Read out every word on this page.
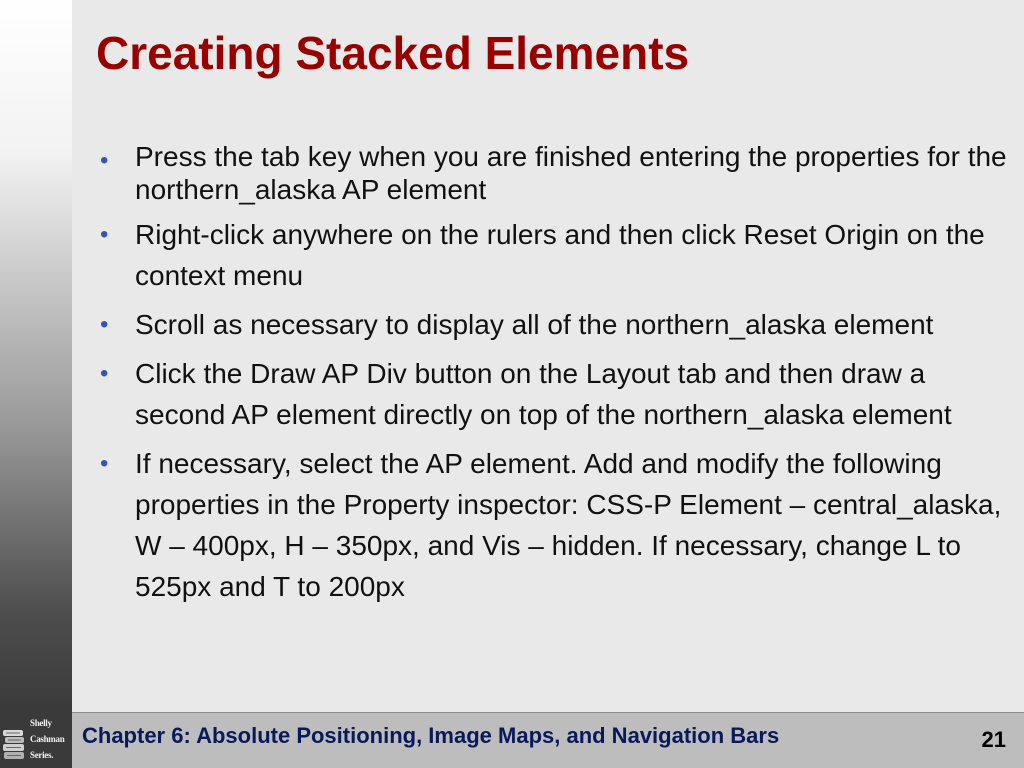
Creating Stacked Elements
• Press the tab key when you are finished entering the properties for the northern_alaska AP element
• Right-click anywhere on the rulers and then click Reset Origin on the context menu
• Scroll as necessary to display all of the northern_alaska element
• Click the Draw AP Div button on the Layout tab and then draw a second AP element directly on top of the northern_alaska element
• If necessary, select the AP element. Add and modify the following properties in the Property inspector: CSS-P Element – central_alaska, W – 400px, H – 350px, and Vis – hidden. If necessary, change L to 525px and T to 200px
Chapter 6: Absolute Positioning, Image Maps, and Navigation Bars	21
Shelly
Cashman
Series.
